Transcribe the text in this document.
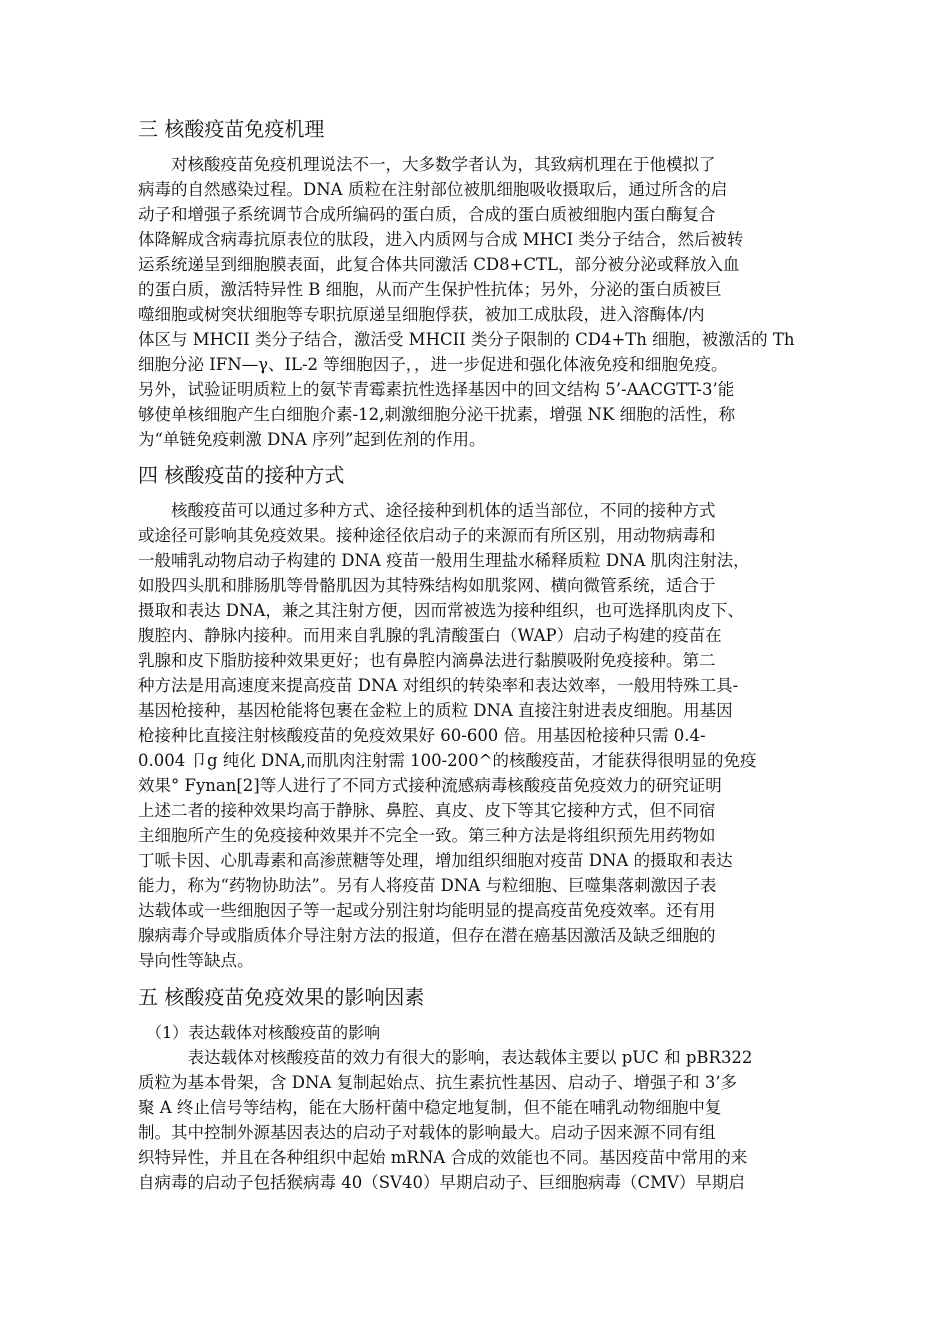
三 核酸疫苗免疫机理
　　对核酸疫苗免疫机理说法不一，大多数学者认为，其致病机理在于他模拟了
病毒的自然感染过程。DNA 质粒在注射部位被肌细胞吸收摄取后，通过所含的启
动子和增强子系统调节合成所编码的蛋白质，合成的蛋白质被细胞内蛋白酶复合
体降解成含病毒抗原表位的肽段，进入内质网与合成 MHCI 类分子结合，然后被转
运系统递呈到细胞膜表面，此复合体共同激活 CD8+CTL，部分被分泌或释放入血
的蛋白质，激活特异性 B 细胞，从而产生保护性抗体；另外，分泌的蛋白质被巨
噬细胞或树突状细胞等专职抗原递呈细胞俘获，被加工成肽段，进入溶酶体/内
体区与 MHCII 类分子结合，激活受 MHCII 类分子限制的 CD4+Th 细胞，被激活的 Th
细胞分泌 IFN—γ、IL-2 等细胞因子，，进一步促进和强化体液免疫和细胞免疫。
另外，试验证明质粒上的氨苄青霉素抗性选择基因中的回文结构 5’-AACGTT-3’能
够使单核细胞产生白细胞介素-12,刺激细胞分泌干扰素，增强 NK 细胞的活性，称
为“单链免疫刺激 DNA 序列”起到佐剂的作用。
四 核酸疫苗的接种方式
　　核酸疫苗可以通过多种方式、途径接种到机体的适当部位，不同的接种方式
或途径可影响其免疫效果。接种途径依启动子的来源而有所区别，用动物病毒和
一般哺乳动物启动子构建的 DNA 疫苗一般用生理盐水稀释质粒 DNA 肌肉注射法，
如股四头肌和腓肠肌等骨骼肌因为其特殊结构如肌浆网、横向微管系统，适合于
摄取和表达 DNA，兼之其注射方便，因而常被选为接种组织，也可选择肌肉皮下、
腹腔内、静脉内接种。而用来自乳腺的乳清酸蛋白（WAP）启动子构建的疫苗在
乳腺和皮下脂肪接种效果更好；也有鼻腔内滴鼻法进行黏膜吸附免疫接种。第二
种方法是用高速度来提高疫苗 DNA 对组织的转染率和表达效率，一般用特殊工具-
基因枪接种，基因枪能将包裹在金粒上的质粒 DNA 直接注射进表皮细胞。用基因
枪接种比直接注射核酸疫苗的免疫效果好 60-600 倍。用基因枪接种只需 0.4-
0.004 卩g 纯化 DNA,而肌肉注射需 100-200^的核酸疫苗，才能获得很明显的免疫
效果° Fynan[2]等人进行了不同方式接种流感病毒核酸疫苗免疫效力的研究证明
上述二者的接种效果均高于静脉、鼻腔、真皮、皮下等其它接种方式，但不同宿
主细胞所产生的免疫接种效果并不完全一致。第三种方法是将组织预先用药物如
丁哌卡因、心肌毒素和高渗蔗糖等处理，增加组织细胞对疫苗 DNA 的摄取和表达
能力，称为“药物协助法”。另有人将疫苗 DNA 与粒细胞、巨噬集落刺激因子表
达载体或一些细胞因子等一起或分别注射均能明显的提高疫苗免疫效率。还有用
腺病毒介导或脂质体介导注射方法的报道，但存在潜在癌基因激活及缺乏细胞的
导向性等缺点。
五 核酸疫苗免疫效果的影响因素
（1）表达载体对核酸疫苗的影响
　　　表达载体对核酸疫苗的效力有很大的影响，表达载体主要以 pUC 和 pBR322
质粒为基本骨架，含 DNA 复制起始点、抗生素抗性基因、启动子、增强子和 3’多
聚 A 终止信号等结构，能在大肠杆菌中稳定地复制，但不能在哺乳动物细胞中复
制。其中控制外源基因表达的启动子对载体的影响最大。启动子因来源不同有组
织特异性，并且在各种组织中起始 mRNA 合成的效能也不同。基因疫苗中常用的来
自病毒的启动子包括猴病毒 40（SV40）早期启动子、巨细胞病毒（CMV）早期启
